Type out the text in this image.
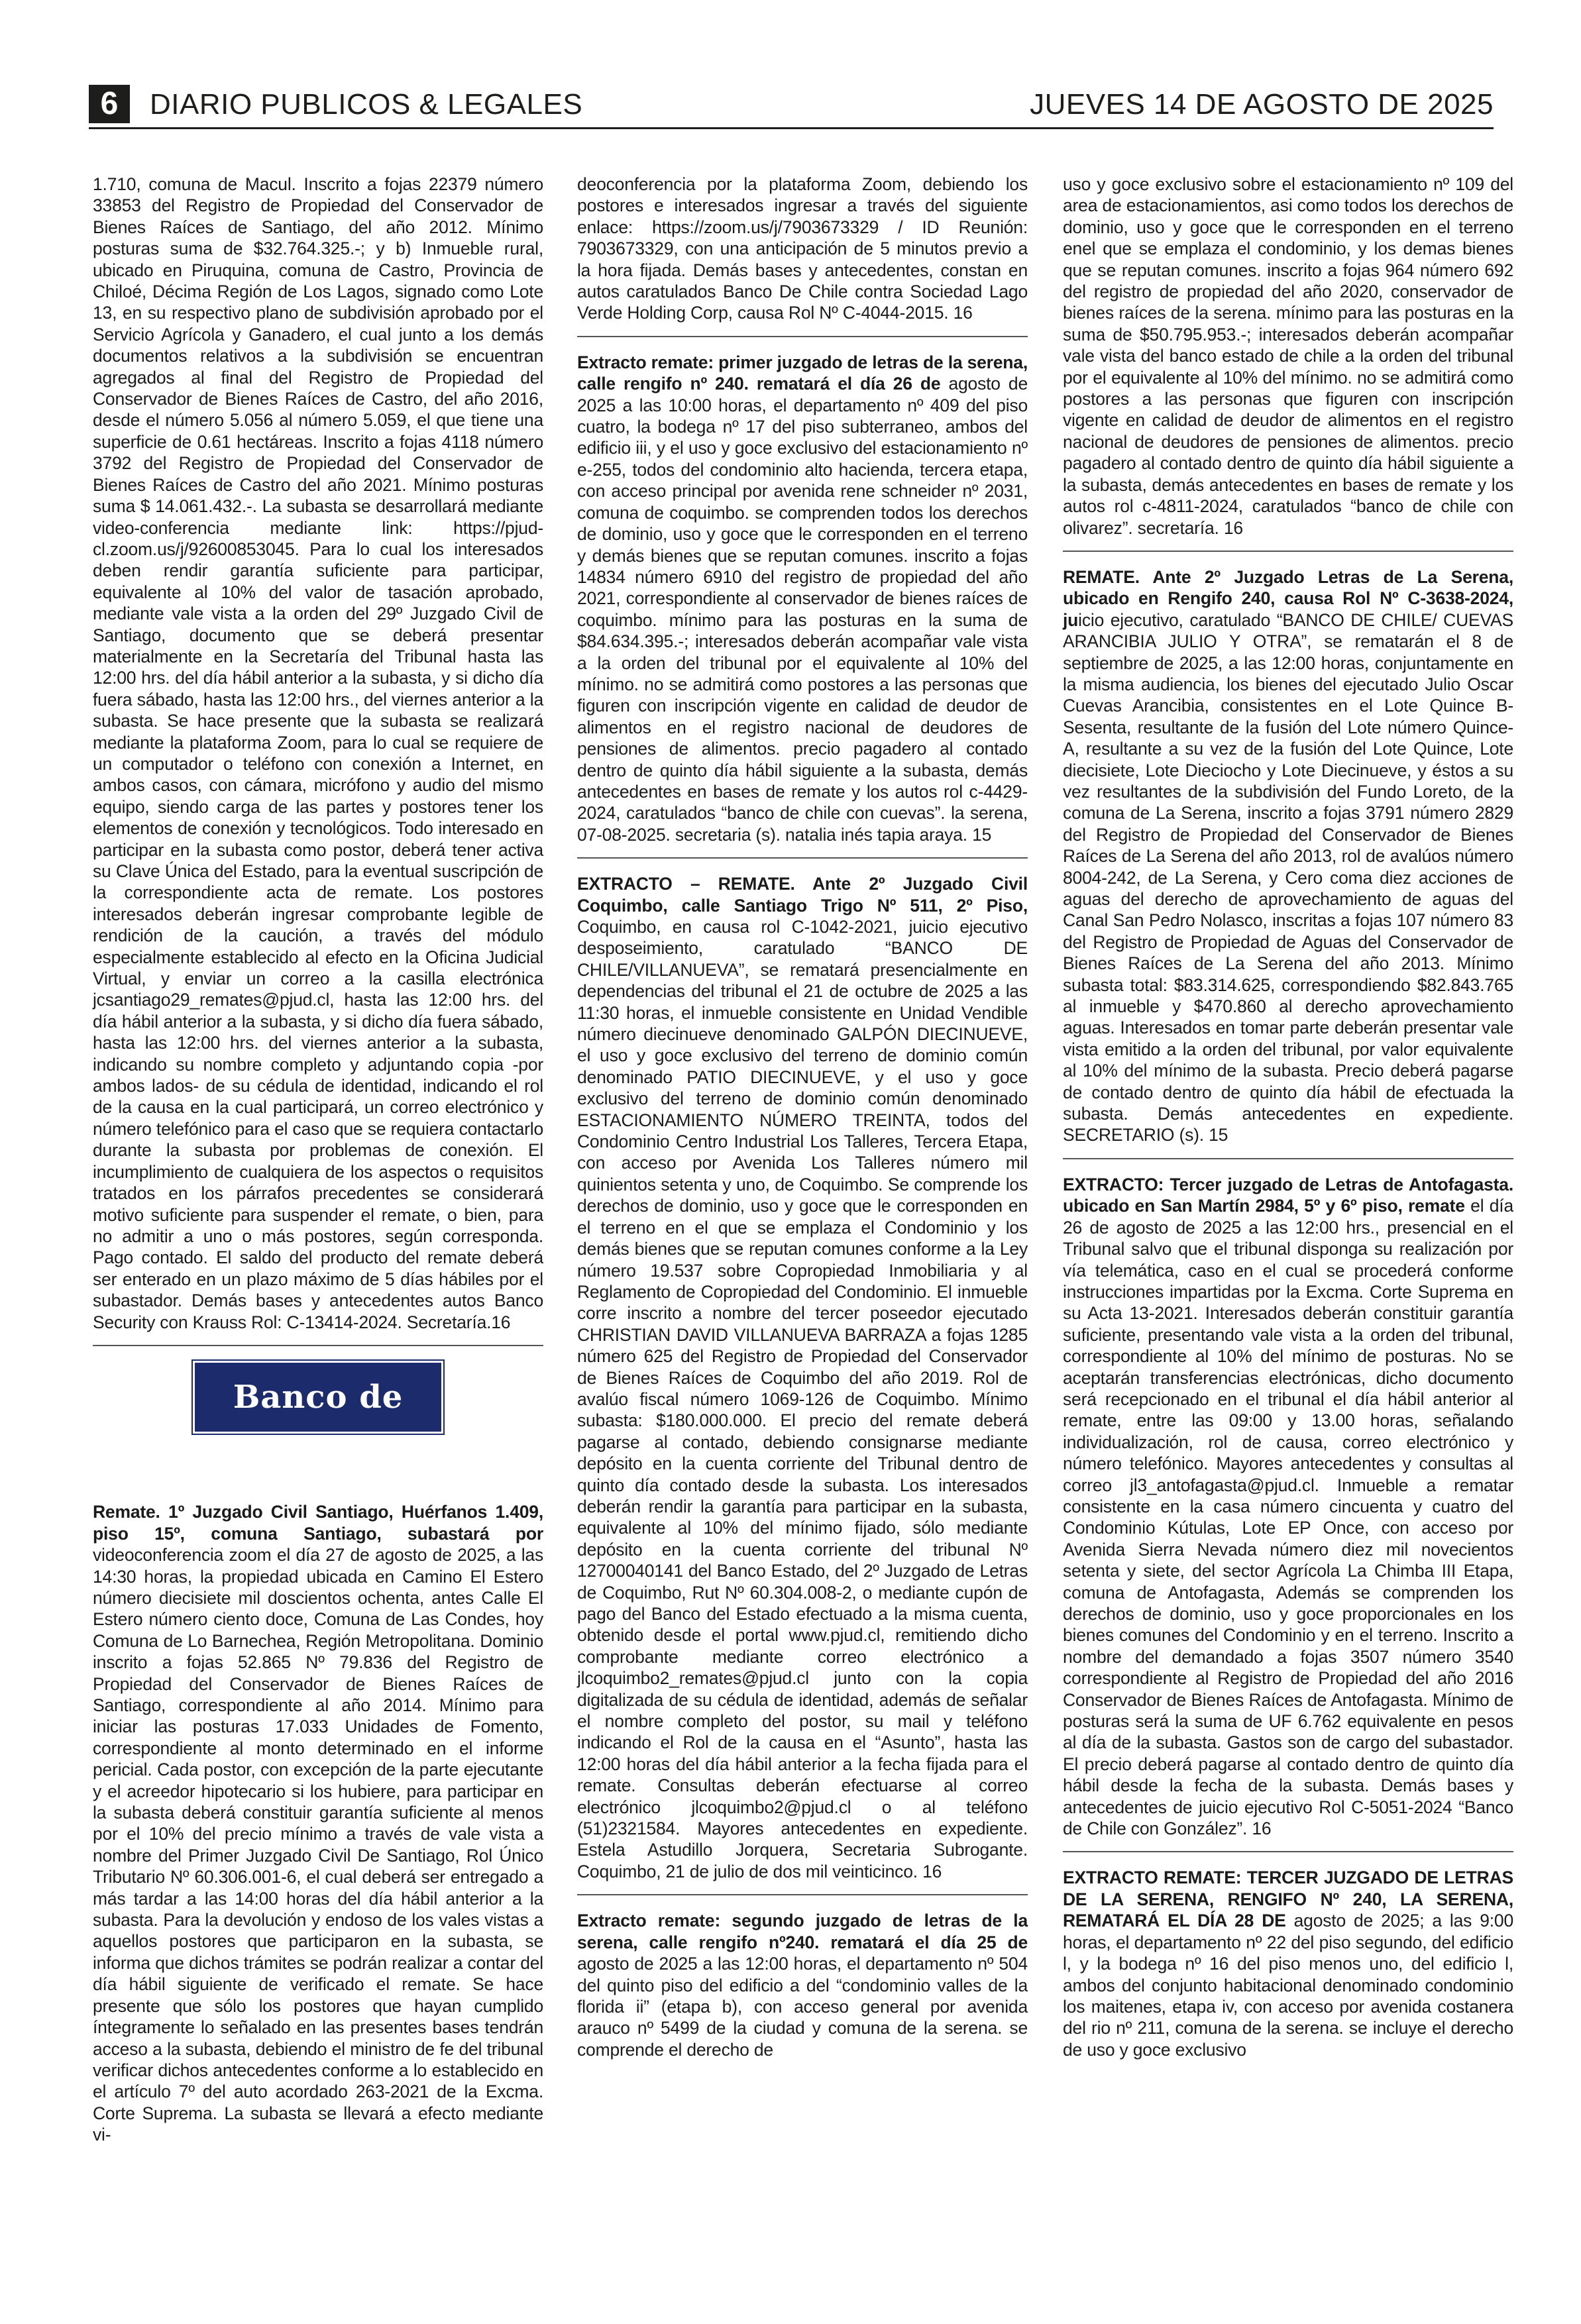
6	DIARIO PUBLICOS & LEGALES	JUEVES 14 DE AGOSTO DE 2025

1.710, comuna de Macul. Inscrito a fojas 22379 número 33853 del Registro de Propiedad del Conservador de Bienes Raíces de Santiago, del año 2012. Mínimo posturas suma de $32.764.325.-; y b) Inmueble rural, ubicado en Piruquina, comuna de Castro, Provincia de Chiloé, Décima Región de Los Lagos, signado como Lote 13, en su respectivo plano de subdivisión aprobado por el Servicio Agrícola y Ganadero, el cual junto a los demás documentos relativos a la subdivisión se encuentran agregados al final del Registro de Propiedad del Conservador de Bienes Raíces de Castro, del año 2016, desde el número 5.056 al número 5.059, el que tiene una superficie de 0.61 hectáreas. Inscrito a fojas 4118 número 3792 del Registro de Propiedad del Conservador de Bienes Raíces de Castro del año 2021. Mínimo posturas suma $ 14.061.432.-. La subasta se desarrollará mediante video-conferencia mediante link: https://pjud-cl.zoom.us/j/92600853045. Para lo cual los interesados deben rendir garantía suficiente para participar, equivalente al 10% del valor de tasación aprobado, mediante vale vista a la orden del 29º Juzgado Civil de Santiago, documento que se deberá presentar materialmente en la Secretaría del Tribunal hasta las 12:00 hrs. del día hábil anterior a la subasta, y si dicho día fuera sábado, hasta las 12:00 hrs., del viernes anterior a la subasta. Se hace presente que la subasta se realizará mediante la plataforma Zoom, para lo cual se requiere de un computador o teléfono con conexión a Internet, en ambos casos, con cámara, micrófono y audio del mismo equipo, siendo carga de las partes y postores tener los elementos de conexión y tecnológicos. Todo interesado en participar en la subasta como postor, deberá tener activa su Clave Única del Estado, para la eventual suscripción de la correspondiente acta de remate. Los postores interesados deberán ingresar comprobante legible de rendición de la caución, a través del módulo especialmente establecido al efecto en la Oficina Judicial Virtual, y enviar un correo a la casilla electrónica jcsantiago29_remates@pjud.cl, hasta las 12:00 hrs. del día hábil anterior a la subasta, y si dicho día fuera sábado, hasta las 12:00 hrs. del viernes anterior a la subasta, indicando su nombre completo y adjuntando copia -por ambos lados- de su cédula de identidad, indicando el rol de la causa en la cual participará, un correo electrónico y número telefónico para el caso que se requiera contactarlo durante la subasta por problemas de conexión. El incumplimiento de cualquiera de los aspectos o requisitos tratados en los párrafos precedentes se considerará motivo suficiente para suspender el remate, o bien, para no admitir a uno o más postores, según corresponda. Pago contado. El saldo del producto del remate deberá ser enterado en un plazo máximo de 5 días hábiles por el subastador. Demás bases y antecedentes autos Banco Security con Krauss Rol: C-13414-2024. Secretaría.16

Banco de Chile

Remate. 1º Juzgado Civil Santiago, Huérfanos 1.409, piso 15º, comuna Santiago, subastará por videoconferencia zoom el día 27 de agosto de 2025, a las 14:30 horas, la propiedad ubicada en Camino El Estero número diecisiete mil doscientos ochenta, antes Calle El Estero número ciento doce, Comuna de Las Condes, hoy Comuna de Lo Barnechea, Región Metropolitana. Dominio inscrito a fojas 52.865 Nº 79.836 del Registro de Propiedad del Conservador de Bienes Raíces de Santiago, correspondiente al año 2014. Mínimo para iniciar las posturas 17.033 Unidades de Fomento, correspondiente al monto determinado en el informe pericial. Cada postor, con excepción de la parte ejecutante y el acreedor hipotecario si los hubiere, para participar en la subasta deberá constituir garantía suficiente al menos por el 10% del precio mínimo a través de vale vista a nombre del Primer Juzgado Civil De Santiago, Rol Único Tributario Nº 60.306.001-6, el cual deberá ser entregado a más tardar a las 14:00 horas del día hábil anterior a la subasta. Para la devolución y endoso de los vales vistas a aquellos postores que participaron en la subasta, se informa que dichos trámites se podrán realizar a contar del día hábil siguiente de verificado el remate. Se hace presente que sólo los postores que hayan cumplido íntegramente lo señalado en las presentes bases tendrán acceso a la subasta, debiendo el ministro de fe del tribunal verificar dichos antecedentes conforme a lo establecido en el artículo 7º del auto acordado 263-2021 de la Excma. Corte Suprema. La subasta se llevará a efecto mediante vi-

deoconferencia por la plataforma Zoom, debiendo los postores e interesados ingresar a través del siguiente enlace: https://zoom.us/j/7903673329 / ID Reunión: 7903673329, con una anticipación de 5 minutos previo a la hora fijada. Demás bases y antecedentes, constan en autos caratulados Banco De Chile contra Sociedad Lago Verde Holding Corp, causa Rol Nº C-4044-2015. 16

Extracto remate: primer juzgado de letras de la serena, calle rengifo nº 240. rematará el día 26 de agosto de 2025 a las 10:00 horas, el departamento nº 409 del piso cuatro, la bodega nº 17 del piso subterraneo, ambos del edificio iii, y el uso y goce exclusivo del estacionamiento nº e-255, todos del condominio alto hacienda, tercera etapa, con acceso principal por avenida rene schneider nº 2031, comuna de coquimbo. se comprenden todos los derechos de dominio, uso y goce que le corresponden en el terreno y demás bienes que se reputan comunes. inscrito a fojas 14834 número 6910 del registro de propiedad del año 2021, correspondiente al conservador de bienes raíces de coquimbo. mínimo para las posturas en la suma de $84.634.395.-; interesados deberán acompañar vale vista a la orden del tribunal por el equivalente al 10% del mínimo. no se admitirá como postores a las personas que figuren con inscripción vigente en calidad de deudor de alimentos en el registro nacional de deudores de pensiones de alimentos. precio pagadero al contado dentro de quinto día hábil siguiente a la subasta, demás antecedentes en bases de remate y los autos rol c-4429-2024, caratulados “banco de chile con cuevas”. la serena, 07-08-2025. secretaria (s). natalia inés tapia araya. 15

EXTRACTO – REMATE. Ante 2º Juzgado Civil Coquimbo, calle Santiago Trigo Nº 511, 2º Piso, Coquimbo, en causa rol C-1042-2021, juicio ejecutivo desposeimiento, caratulado “BANCO DE CHILE/VILLANUEVA”, se rematará presencialmente en dependencias del tribunal el 21 de octubre de 2025 a las 11:30 horas, el inmueble consistente en Unidad Vendible número diecinueve denominado GALPÓN DIECINUEVE, el uso y goce exclusivo del terreno de dominio común denominado PATIO DIECINUEVE, y el uso y goce exclusivo del terreno de dominio común denominado ESTACIONAMIENTO NÚMERO TREINTA, todos del Condominio Centro Industrial Los Talleres, Tercera Etapa, con acceso por Avenida Los Talleres número mil quinientos setenta y uno, de Coquimbo. Se comprende los derechos de dominio, uso y goce que le corresponden en el terreno en el que se emplaza el Condominio y los demás bienes que se reputan comunes conforme a la Ley número 19.537 sobre Copropiedad Inmobiliaria y al Reglamento de Copropiedad del Condominio. El inmueble corre inscrito a nombre del tercer poseedor ejecutado CHRISTIAN DAVID VILLANUEVA BARRAZA a fojas 1285 número 625 del Registro de Propiedad del Conservador de Bienes Raíces de Coquimbo del año 2019. Rol de avalúo fiscal número 1069-126 de Coquimbo. Mínimo subasta: $180.000.000. El precio del remate deberá pagarse al contado, debiendo consignarse mediante depósito en la cuenta corriente del Tribunal dentro de quinto día contado desde la subasta. Los interesados deberán rendir la garantía para participar en la subasta, equivalente al 10% del mínimo fijado, sólo mediante depósito en la cuenta corriente del tribunal Nº 12700040141 del Banco Estado, del 2º Juzgado de Letras de Coquimbo, Rut Nº 60.304.008-2, o mediante cupón de pago del Banco del Estado efectuado a la misma cuenta, obtenido desde el portal www.pjud.cl, remitiendo dicho comprobante mediante correo electrónico a jlcoquimbo2_remates@pjud.cl junto con la copia digitalizada de su cédula de identidad, además de señalar el nombre completo del postor, su mail y teléfono indicando el Rol de la causa en el “Asunto”, hasta las 12:00 horas del día hábil anterior a la fecha fijada para el remate. Consultas deberán efectuarse al correo electrónico jlcoquimbo2@pjud.cl o al teléfono (51)2321584. Mayores antecedentes en expediente. Estela Astudillo Jorquera, Secretaria Subrogante. Coquimbo, 21 de julio de dos mil veinticinco. 16

Extracto remate: segundo juzgado de letras de la serena, calle rengifo nº240. rematará el día 25 de agosto de 2025 a las 12:00 horas, el departamento nº 504 del quinto piso del edificio a del “condominio valles de la florida ii” (etapa b), con acceso general por avenida arauco nº 5499 de la ciudad y comuna de la serena. se comprende el derecho de

uso y goce exclusivo sobre el estacionamiento nº 109 del area de estacionamientos, asi como todos los derechos de dominio, uso y goce que le corresponden en el terreno enel que se emplaza el condominio, y los demas bienes que se reputan comunes. inscrito a fojas 964 número 692 del registro de propiedad del año 2020, conservador de bienes raíces de la serena. mínimo para las posturas en la suma de $50.795.953.-; interesados deberán acompañar vale vista del banco estado de chile a la orden del tribunal por el equivalente al 10% del mínimo. no se admitirá como postores a las personas que figuren con inscripción vigente en calidad de deudor de alimentos en el registro nacional de deudores de pensiones de alimentos. precio pagadero al contado dentro de quinto día hábil siguiente a la subasta, demás antecedentes en bases de remate y los autos rol c-4811-2024, caratulados “banco de chile con olivarez”. secretaría. 16

REMATE. Ante 2º Juzgado Letras de La Serena, ubicado en Rengifo 240, causa Rol Nº C-3638-2024, juicio ejecutivo, caratulado “BANCO DE CHILE/ CUEVAS ARANCIBIA JULIO Y OTRA”, se rematarán el 8 de septiembre de 2025, a las 12:00 horas, conjuntamente en la misma audiencia, los bienes del ejecutado Julio Oscar Cuevas Arancibia, consistentes en el Lote Quince B-Sesenta, resultante de la fusión del Lote número Quince-A, resultante a su vez de la fusión del Lote Quince, Lote diecisiete, Lote Dieciocho y Lote Diecinueve, y éstos a su vez resultantes de la subdivisión del Fundo Loreto, de la comuna de La Serena, inscrito a fojas 3791 número 2829 del Registro de Propiedad del Conservador de Bienes Raíces de La Serena del año 2013, rol de avalúos número 8004-242, de La Serena, y Cero coma diez acciones de aguas del derecho de aprovechamiento de aguas del Canal San Pedro Nolasco, inscritas a fojas 107 número 83 del Registro de Propiedad de Aguas del Conservador de Bienes Raíces de La Serena del año 2013. Mínimo subasta total: $83.314.625, correspondiendo $82.843.765 al inmueble y $470.860 al derecho aprovechamiento aguas. Interesados en tomar parte deberán presentar vale vista emitido a la orden del tribunal, por valor equivalente al 10% del mínimo de la subasta. Precio deberá pagarse de contado dentro de quinto día hábil de efectuada la subasta. Demás antecedentes en expediente. SECRETARIO (s). 15

EXTRACTO: Tercer juzgado de Letras de Antofagasta. ubicado en San Martín 2984, 5º y 6º piso, remate el día 26 de agosto de 2025 a las 12:00 hrs., presencial en el Tribunal salvo que el tribunal disponga su realización por vía telemática, caso en el cual se procederá conforme instrucciones impartidas por la Excma. Corte Suprema en su Acta 13-2021. Interesados deberán constituir garantía suficiente, presentando vale vista a la orden del tribunal, correspondiente al 10% del mínimo de posturas. No se aceptarán transferencias electrónicas, dicho documento será recepcionado en el tribunal el día hábil anterior al remate, entre las 09:00 y 13.00 horas, señalando individualización, rol de causa, correo electrónico y número telefónico. Mayores antecedentes y consultas al correo jl3_antofagasta@pjud.cl. Inmueble a rematar consistente en la casa número cincuenta y cuatro del Condominio Kútulas, Lote EP Once, con acceso por Avenida Sierra Nevada número diez mil novecientos setenta y siete, del sector Agrícola La Chimba III Etapa, comuna de Antofagasta, Además se comprenden los derechos de dominio, uso y goce proporcionales en los bienes comunes del Condominio y en el terreno. Inscrito a nombre del demandado a fojas 3507 número 3540 correspondiente al Registro de Propiedad del año 2016 Conservador de Bienes Raíces de Antofagasta. Mínimo de posturas será la suma de UF 6.762 equivalente en pesos al día de la subasta. Gastos son de cargo del subastador. El precio deberá pagarse al contado dentro de quinto día hábil desde la fecha de la subasta. Demás bases y antecedentes de juicio ejecutivo Rol C-5051-2024 “Banco de Chile con González”. 16

EXTRACTO REMATE: TERCER JUZGADO DE LETRAS DE LA SERENA, RENGIFO Nº 240, LA SERENA, REMATARÁ EL DÍA 28 DE agosto de 2025; a las 9:00 horas, el departamento nº 22 del piso segundo, del edificio l, y la bodega nº 16 del piso menos uno, del edificio l, ambos del conjunto habitacional denominado condominio los maitenes, etapa iv, con acceso por avenida costanera del rio nº 211, comuna de la serena. se incluye el derecho de uso y goce exclusivo
